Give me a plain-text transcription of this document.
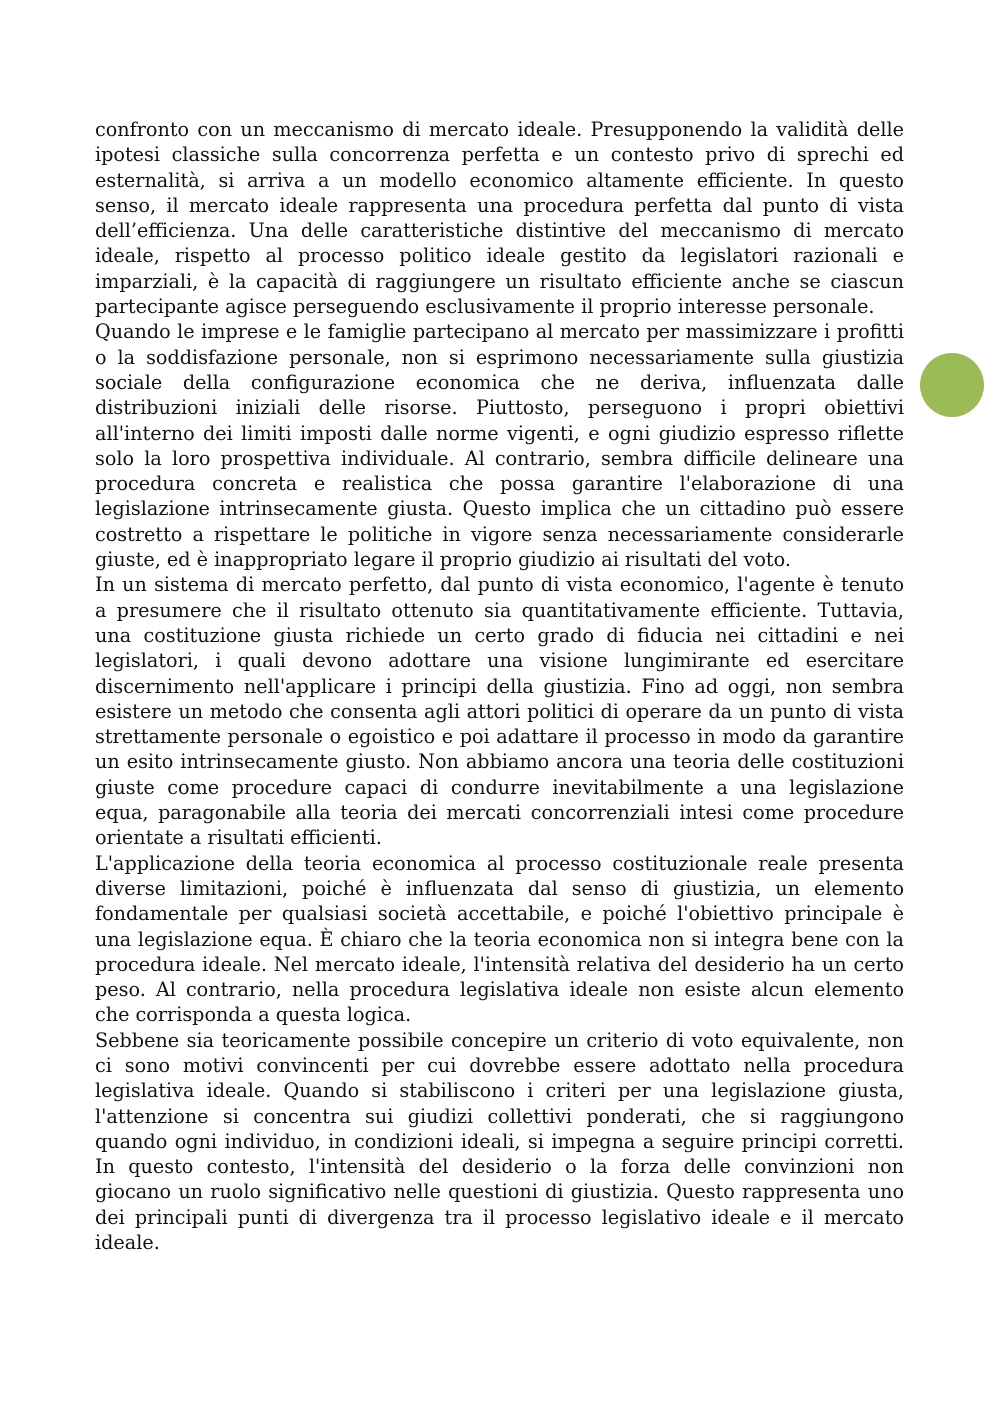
confronto con un meccanismo di mercato ideale. Presupponendo la validità delle ipotesi classiche sulla concorrenza perfetta e un contesto privo di sprechi ed esternalità, si arriva a un modello economico altamente efficiente. In questo senso, il mercato ideale rappresenta una procedura perfetta dal punto di vista dell’efficienza. Una delle caratteristiche distintive del meccanismo di mercato ideale, rispetto al processo politico ideale gestito da legislatori razionali e imparziali, è la capacità di raggiungere un risultato efficiente anche se ciascun partecipante agisce perseguendo esclusivamente il proprio interesse personale.

Quando le imprese e le famiglie partecipano al mercato per massimizzare i profitti o la soddisfazione personale, non si esprimono necessariamente sulla giustizia sociale della configurazione economica che ne deriva, influenzata dalle distribuzioni iniziali delle risorse. Piuttosto, perseguono i propri obiettivi all'interno dei limiti imposti dalle norme vigenti, e ogni giudizio espresso riflette solo la loro prospettiva individuale. Al contrario, sembra difficile delineare una procedura concreta e realistica che possa garantire l'elaborazione di una legislazione intrinsecamente giusta. Questo implica che un cittadino può essere costretto a rispettare le politiche in vigore senza necessariamente considerarle giuste, ed è inappropriato legare il proprio giudizio ai risultati del voto.

In un sistema di mercato perfetto, dal punto di vista economico, l'agente è tenuto a presumere che il risultato ottenuto sia quantitativamente efficiente. Tuttavia, una costituzione giusta richiede un certo grado di fiducia nei cittadini e nei legislatori, i quali devono adottare una visione lungimirante ed esercitare discernimento nell'applicare i principi della giustizia. Fino ad oggi, non sembra esistere un metodo che consenta agli attori politici di operare da un punto di vista strettamente personale o egoistico e poi adattare il processo in modo da garantire un esito intrinsecamente giusto. Non abbiamo ancora una teoria delle costituzioni giuste come procedure capaci di condurre inevitabilmente a una legislazione equa, paragonabile alla teoria dei mercati concorrenziali intesi come procedure orientate a risultati efficienti.

L'applicazione della teoria economica al processo costituzionale reale presenta diverse limitazioni, poiché è influenzata dal senso di giustizia, un elemento fondamentale per qualsiasi società accettabile, e poiché l'obiettivo principale è una legislazione equa. È chiaro che la teoria economica non si integra bene con la procedura ideale. Nel mercato ideale, l'intensità relativa del desiderio ha un certo peso. Al contrario, nella procedura legislativa ideale non esiste alcun elemento che corrisponda a questa logica.

Sebbene sia teoricamente possibile concepire un criterio di voto equivalente, non ci sono motivi convincenti per cui dovrebbe essere adottato nella procedura legislativa ideale. Quando si stabiliscono i criteri per una legislazione giusta, l'attenzione si concentra sui giudizi collettivi ponderati, che si raggiungono quando ogni individuo, in condizioni ideali, si impegna a seguire principi corretti. In questo contesto, l'intensità del desiderio o la forza delle convinzioni non giocano un ruolo significativo nelle questioni di giustizia. Questo rappresenta uno dei principali punti di divergenza tra il processo legislativo ideale e il mercato ideale.
